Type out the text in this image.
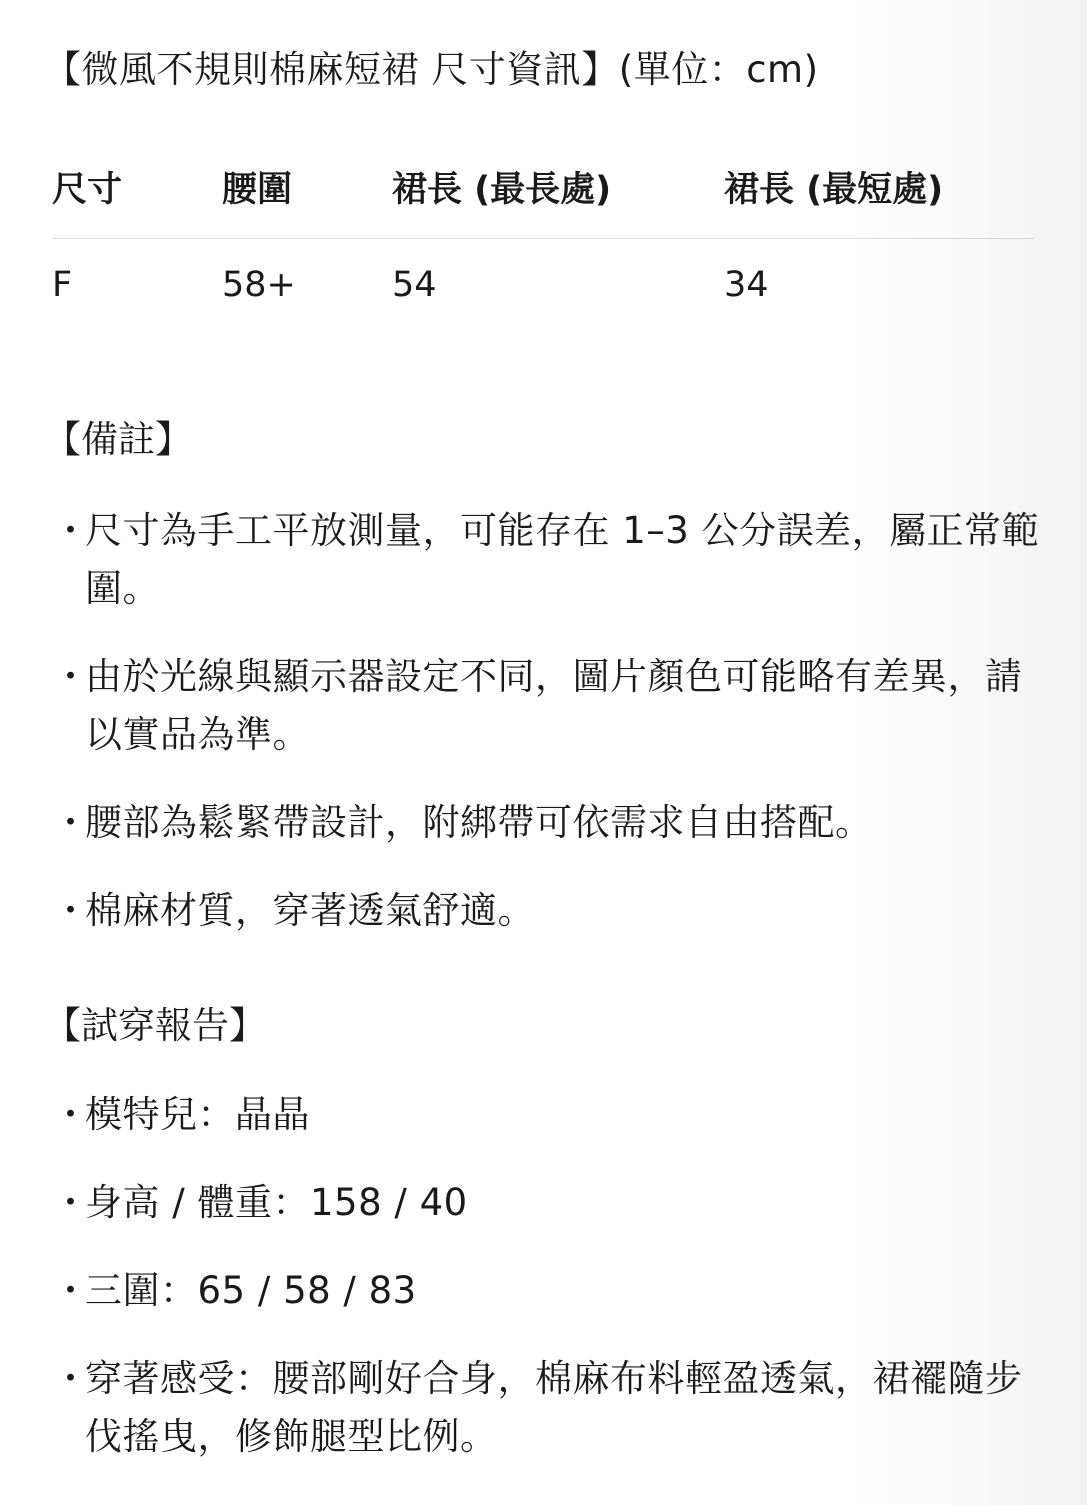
【微風不規則棉麻短裙 尺寸資訊】(單位：cm)
尺寸	腰圍	裙長 (最長處)	裙長 (最短處)
F	58+	54	34
【備註】
・
尺寸為手工平放測量，可能存在 1–3 公分誤差，屬正常範圍。
・
由於光線與顯示器設定不同，圖片顏色可能略有差異，請以實品為準。
・
腰部為鬆緊帶設計，附綁帶可依需求自由搭配。
・
棉麻材質，穿著透氣舒適。
【試穿報告】
・
模特兒：晶晶
・
身高 / 體重：158 / 40
・
三圍：65 / 58 / 83
・
穿著感受：腰部剛好合身，棉麻布料輕盈透氣，裙襬隨步伐搖曳，修飾腿型比例。
